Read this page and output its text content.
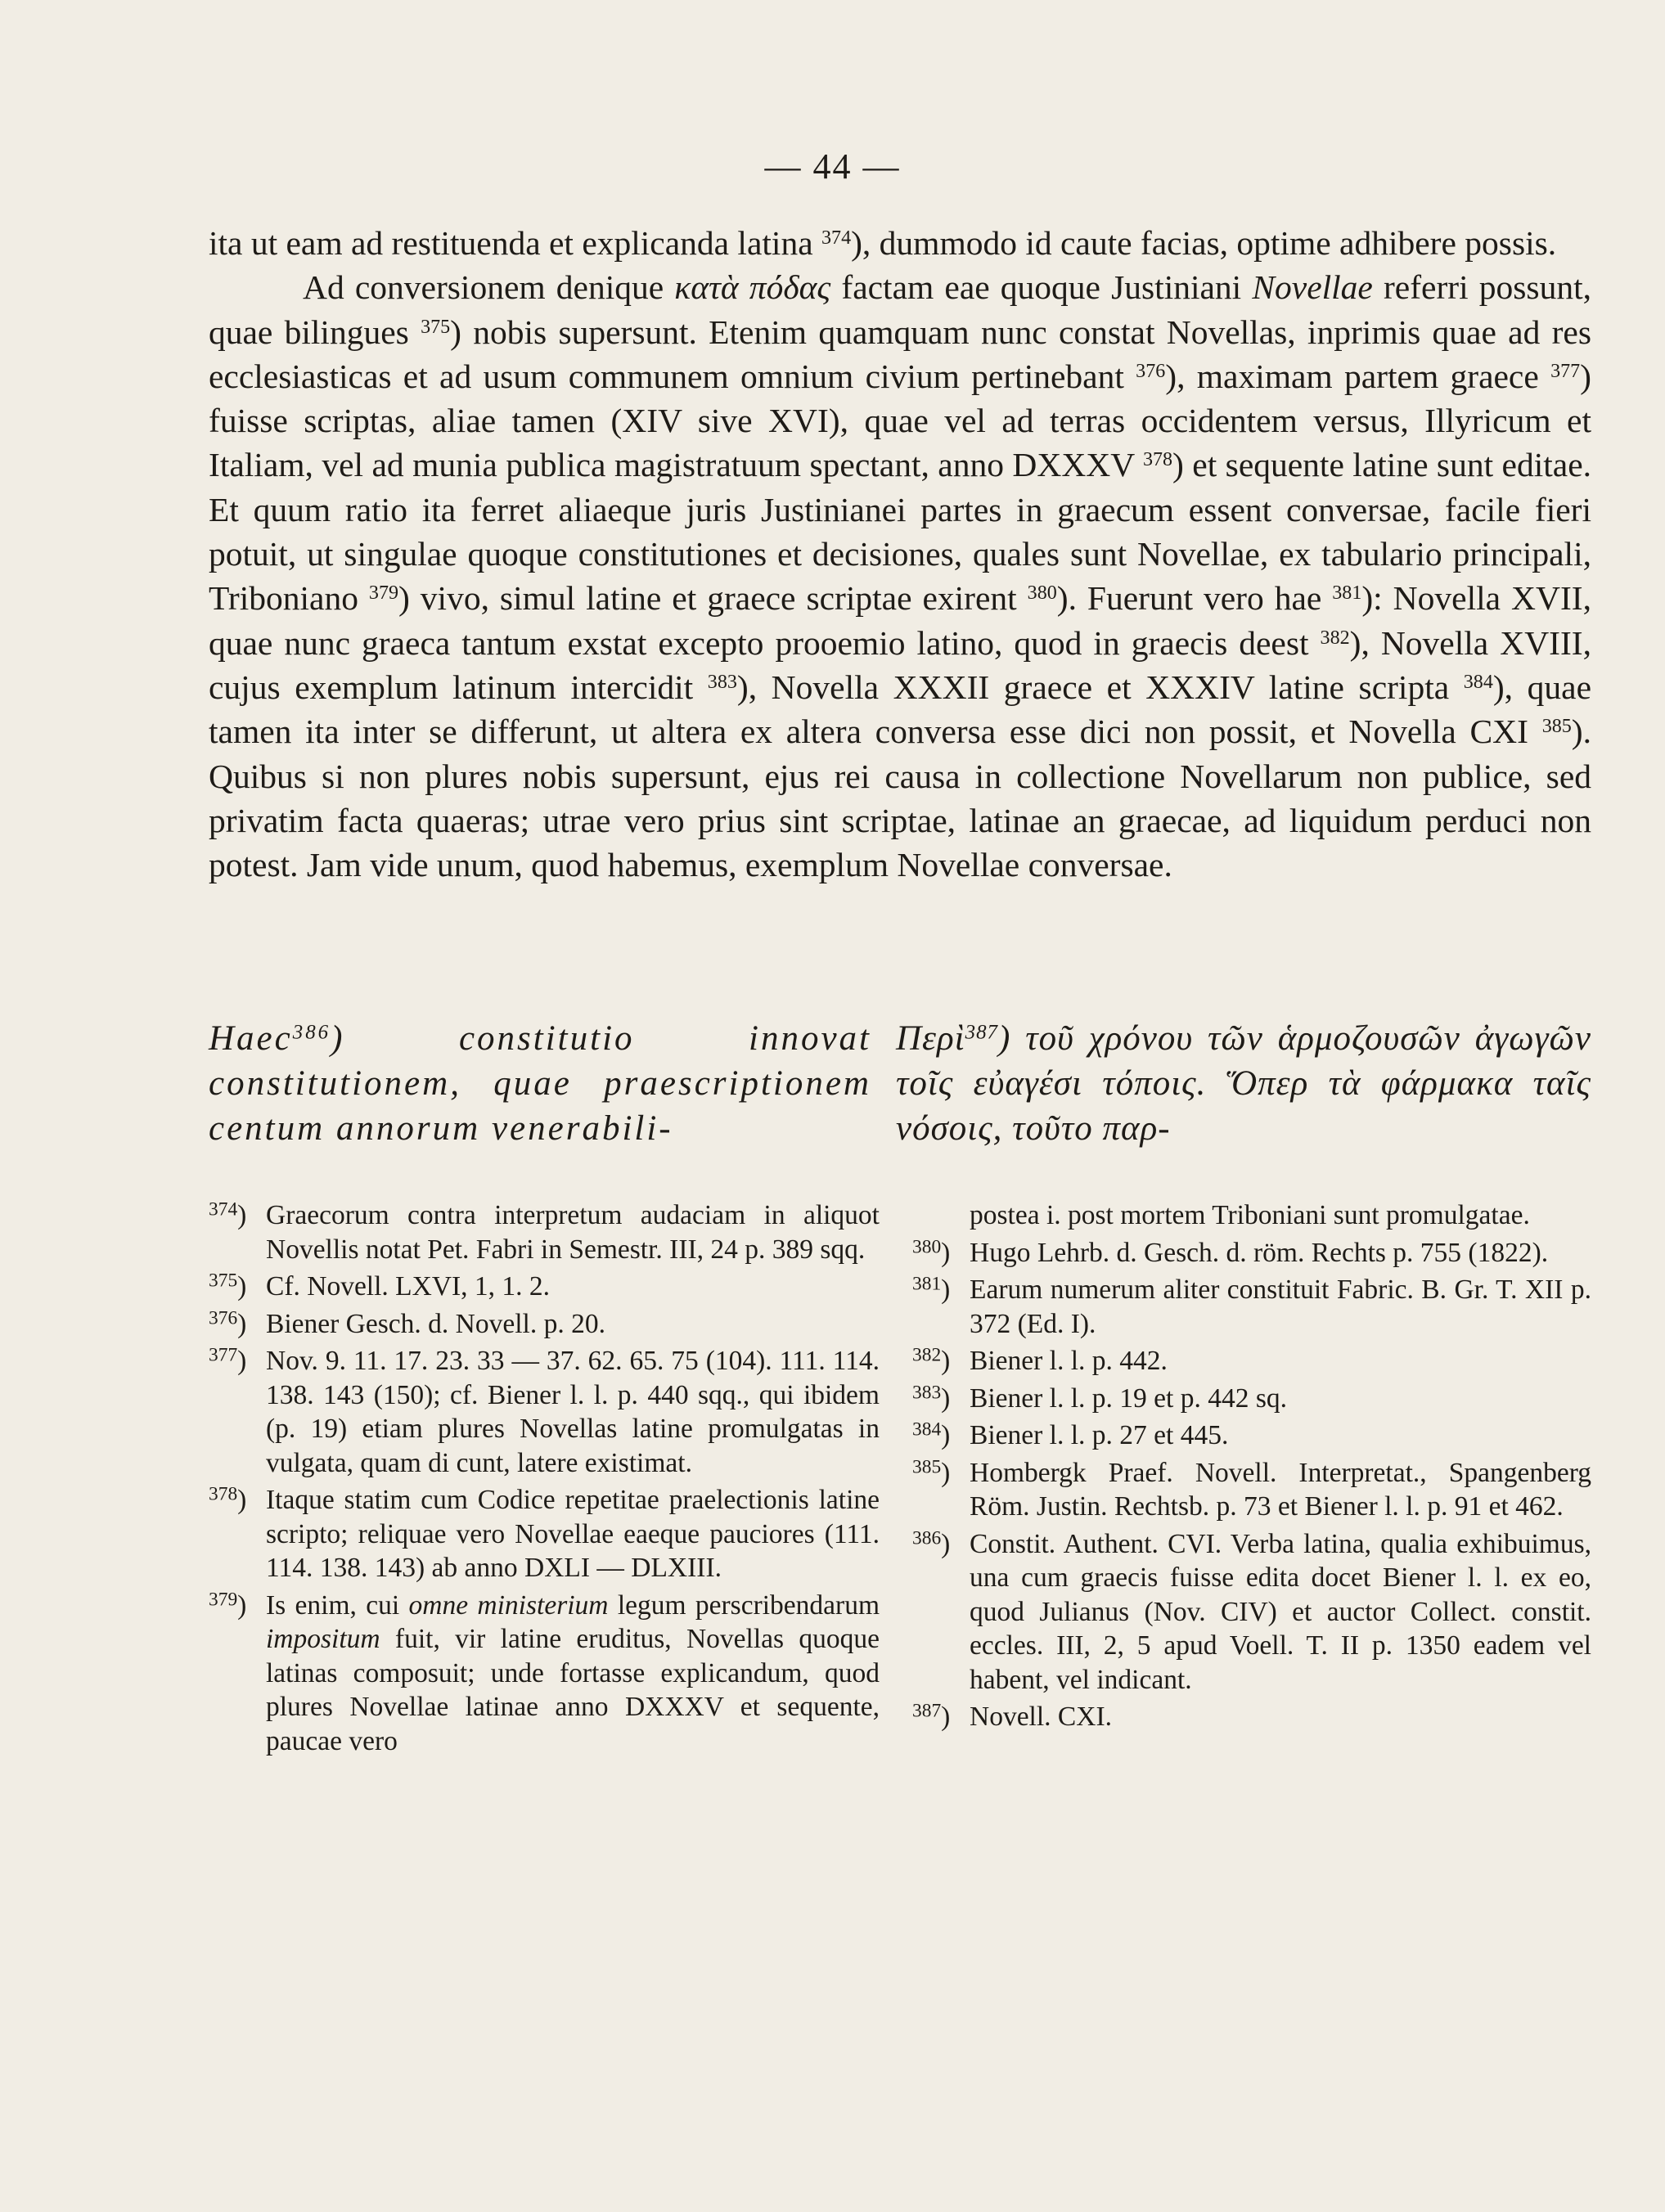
— 44 —

ita ut eam ad restituenda et explicanda latina $^{374}$), dummodo id caute facias, optime adhibere possis.

Ad conversionem denique κατὰ πόδας factam eae quoque Justiniani Novellae referri possunt, quae bilingues $^{375}$) nobis supersunt. Etenim quamquam nunc constat Novellas, inprimis quae ad res ecclesiasticas et ad usum communem omnium civium pertinebant $^{376}$), maximam partem graece $^{377}$) fuisse scriptas, aliae tamen (XIV sive XVI), quae vel ad terras occidentem versus, Illyricum et Italiam, vel ad munia publica magistratuum spectant, anno DXXXV $^{378}$) et sequente latine sunt editae. Et quum ratio ita ferret aliaeque juris Justinianei partes in graecum essent conversae, facile fieri potuit, ut singulae quoque constitutiones et decisiones, quales sunt Novellae, ex tabulario principali, Triboniano $^{379}$) vivo, simul latine et graece scriptae exirent $^{380}$). Fuerunt vero hae $^{381}$): Novella XVII, quae nunc graeca tantum exstat excepto prooemio latino, quod in graecis deest $^{382}$), Novella XVIII, cujus exemplum latinum intercidit $^{383}$), Novella XXXII graece et XXXIV latine scripta $^{384}$), quae tamen ita inter se differunt, ut altera ex altera conversa esse dici non possit, et Novella CXI $^{385}$). Quibus si non plures nobis supersunt, ejus rei causa in collectione Novellarum non publice, sed privatim facta quaeras; utrae vero prius sint scriptae, latinae an graecae, ad liquidum perduci non potest. Jam vide unum, quod habemus, exemplum Novellae conversae.

Haec$^{386}$) constitutio innovat constitutionem, quae praescriptionem centum annorum venerabili-
Περὶ$^{387}$) τοῦ χρόνου τῶν ἁρμοζουσῶν ἀγωγῶν τοῖς εὐαγέσι τόποις. Ὅπερ τὰ φάρμακα ταῖς νόσοις, τοῦτο παρ-
$^{374}$) Graecorum contra interpretum audaciam in aliquot Novellis notat Pet. Fabri in Semestr. III, 24 p. 389 sqq.
$^{375}$) Cf. Novell. LXVI, 1, 1. 2.
$^{376}$) Biener Gesch. d. Novell. p. 20.
$^{377}$) Nov. 9. 11. 17. 23. 33 — 37. 62. 65. 75 (104). 111. 114. 138. 143 (150); cf. Biener l. l. p. 440 sqq., qui ibidem (p. 19) etiam plures Novellas latine promulgatas in vulgata, quam di cunt, latere existimat.
$^{378}$) Itaque statim cum Codice repetitae praelectionis latine scripto; reliquae vero Novellae eaeque pauciores (111. 114. 138. 143) ab anno DXLI — DLXIII.
$^{379}$) Is enim, cui omne ministerium legum perscribendarum impositum fuit, vir latine eruditus, Novellas quoque latinas composuit; unde fortasse explicandum, quod plures Novellae latinae anno DXXXV et sequente, paucae vero
postea i. post mortem Triboniani sunt promulgatae.
$^{380}$) Hugo Lehrb. d. Gesch. d. röm. Rechts p. 755 (1822).
$^{381}$) Earum numerum aliter constituit Fabric. B. Gr. T. XII p. 372 (Ed. I).
$^{382}$) Biener l. l. p. 442.
$^{383}$) Biener l. l. p. 19 et p. 442 sq.
$^{384}$) Biener l. l. p. 27 et 445.
$^{385}$) Hombergk Praef. Novell. Interpretat., Spangenberg Röm. Justin. Rechtsb. p. 73 et Biener l. l. p. 91 et 462.
$^{386}$) Constit. Authent. CVI. Verba latina, qualia exhibuimus, una cum graecis fuisse edita docet Biener l. l. ex eo, quod Julianus (Nov. CIV) et auctor Collect. constit. eccles. III, 2, 5 apud Voell. T. II p. 1350 eadem vel habent, vel indicant.
$^{387}$) Novell. CXI.
